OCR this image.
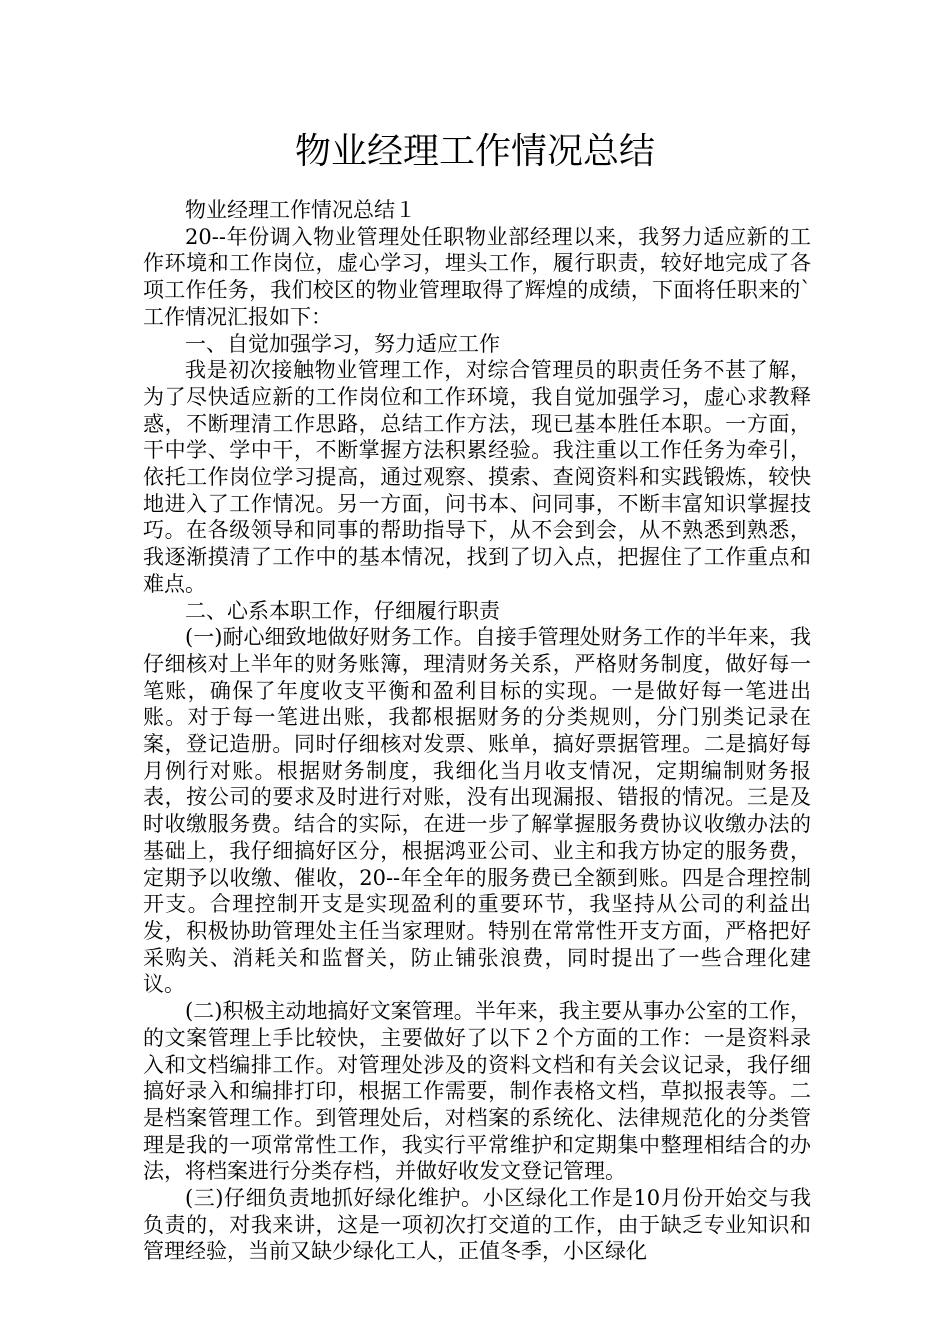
物业经理工作情况总结

物业经理工作情况总结１

20--年份调入物业管理处任职物业部经理以来，我努力适应新的工作环境和工作岗位，虚心学习，埋头工作，履行职责，较好地完成了各项工作任务，我们校区的物业管理取得了辉煌的成绩，下面将任职来的`工作情况汇报如下：

一、自觉加强学习，努力适应工作

我是初次接触物业管理工作，对综合管理员的职责任务不甚了解，为了尽快适应新的工作岗位和工作环境，我自觉加强学习，虚心求教释惑，不断理清工作思路，总结工作方法，现已基本胜任本职。一方面，干中学、学中干，不断掌握方法积累经验。我注重以工作任务为牵引，依托工作岗位学习提高，通过观察、摸索、查阅资料和实践锻炼，较快地进入了工作情况。另一方面，问书本、问同事，不断丰富知识掌握技巧。在各级领导和同事的帮助指导下，从不会到会，从不熟悉到熟悉，我逐渐摸清了工作中的基本情况，找到了切入点，把握住了工作重点和难点。

二、心系本职工作，仔细履行职责

(一)耐心细致地做好财务工作。自接手管理处财务工作的半年来，我仔细核对上半年的财务账簿，理清财务关系，严格财务制度，做好每一笔账，确保了年度收支平衡和盈利目标的实现。一是做好每一笔进出账。对于每一笔进出账，我都根据财务的分类规则，分门别类记录在案，登记造册。同时仔细核对发票、账单，搞好票据管理。二是搞好每月例行对账。根据财务制度，我细化当月收支情况，定期编制财务报表，按公司的要求及时进行对账，没有出现漏报、错报的情况。三是及时收缴服务费。结合的实际，在进一步了解掌握服务费协议收缴办法的基础上，我仔细搞好区分，根据鸿亚公司、业主和我方协定的服务费，定期予以收缴、催收，20--年全年的服务费已全额到账。四是合理控制开支。合理控制开支是实现盈利的重要环节，我坚持从公司的利益出发，积极协助管理处主任当家理财。特别在常常性开支方面，严格把好采购关、消耗关和监督关，防止铺张浪费，同时提出了一些合理化建议。

(二)积极主动地搞好文案管理。半年来，我主要从事办公室的工作，的文案管理上手比较快，主要做好了以下２个方面的工作：一是资料录入和文档编排工作。对管理处涉及的资料文档和有关会议记录，我仔细搞好录入和编排打印，根据工作需要，制作表格文档，草拟报表等。二是档案管理工作。到管理处后，对档案的系统化、法律规范化的分类管理是我的一项常常性工作，我实行平常维护和定期集中整理相结合的办法，将档案进行分类存档，并做好收发文登记管理。

(三)仔细负责地抓好绿化维护。小区绿化工作是10月份开始交与我负责的，对我来讲，这是一项初次打交道的工作，由于缺乏专业知识和管理经验，当前又缺少绿化工人，正值冬季，小区绿化
